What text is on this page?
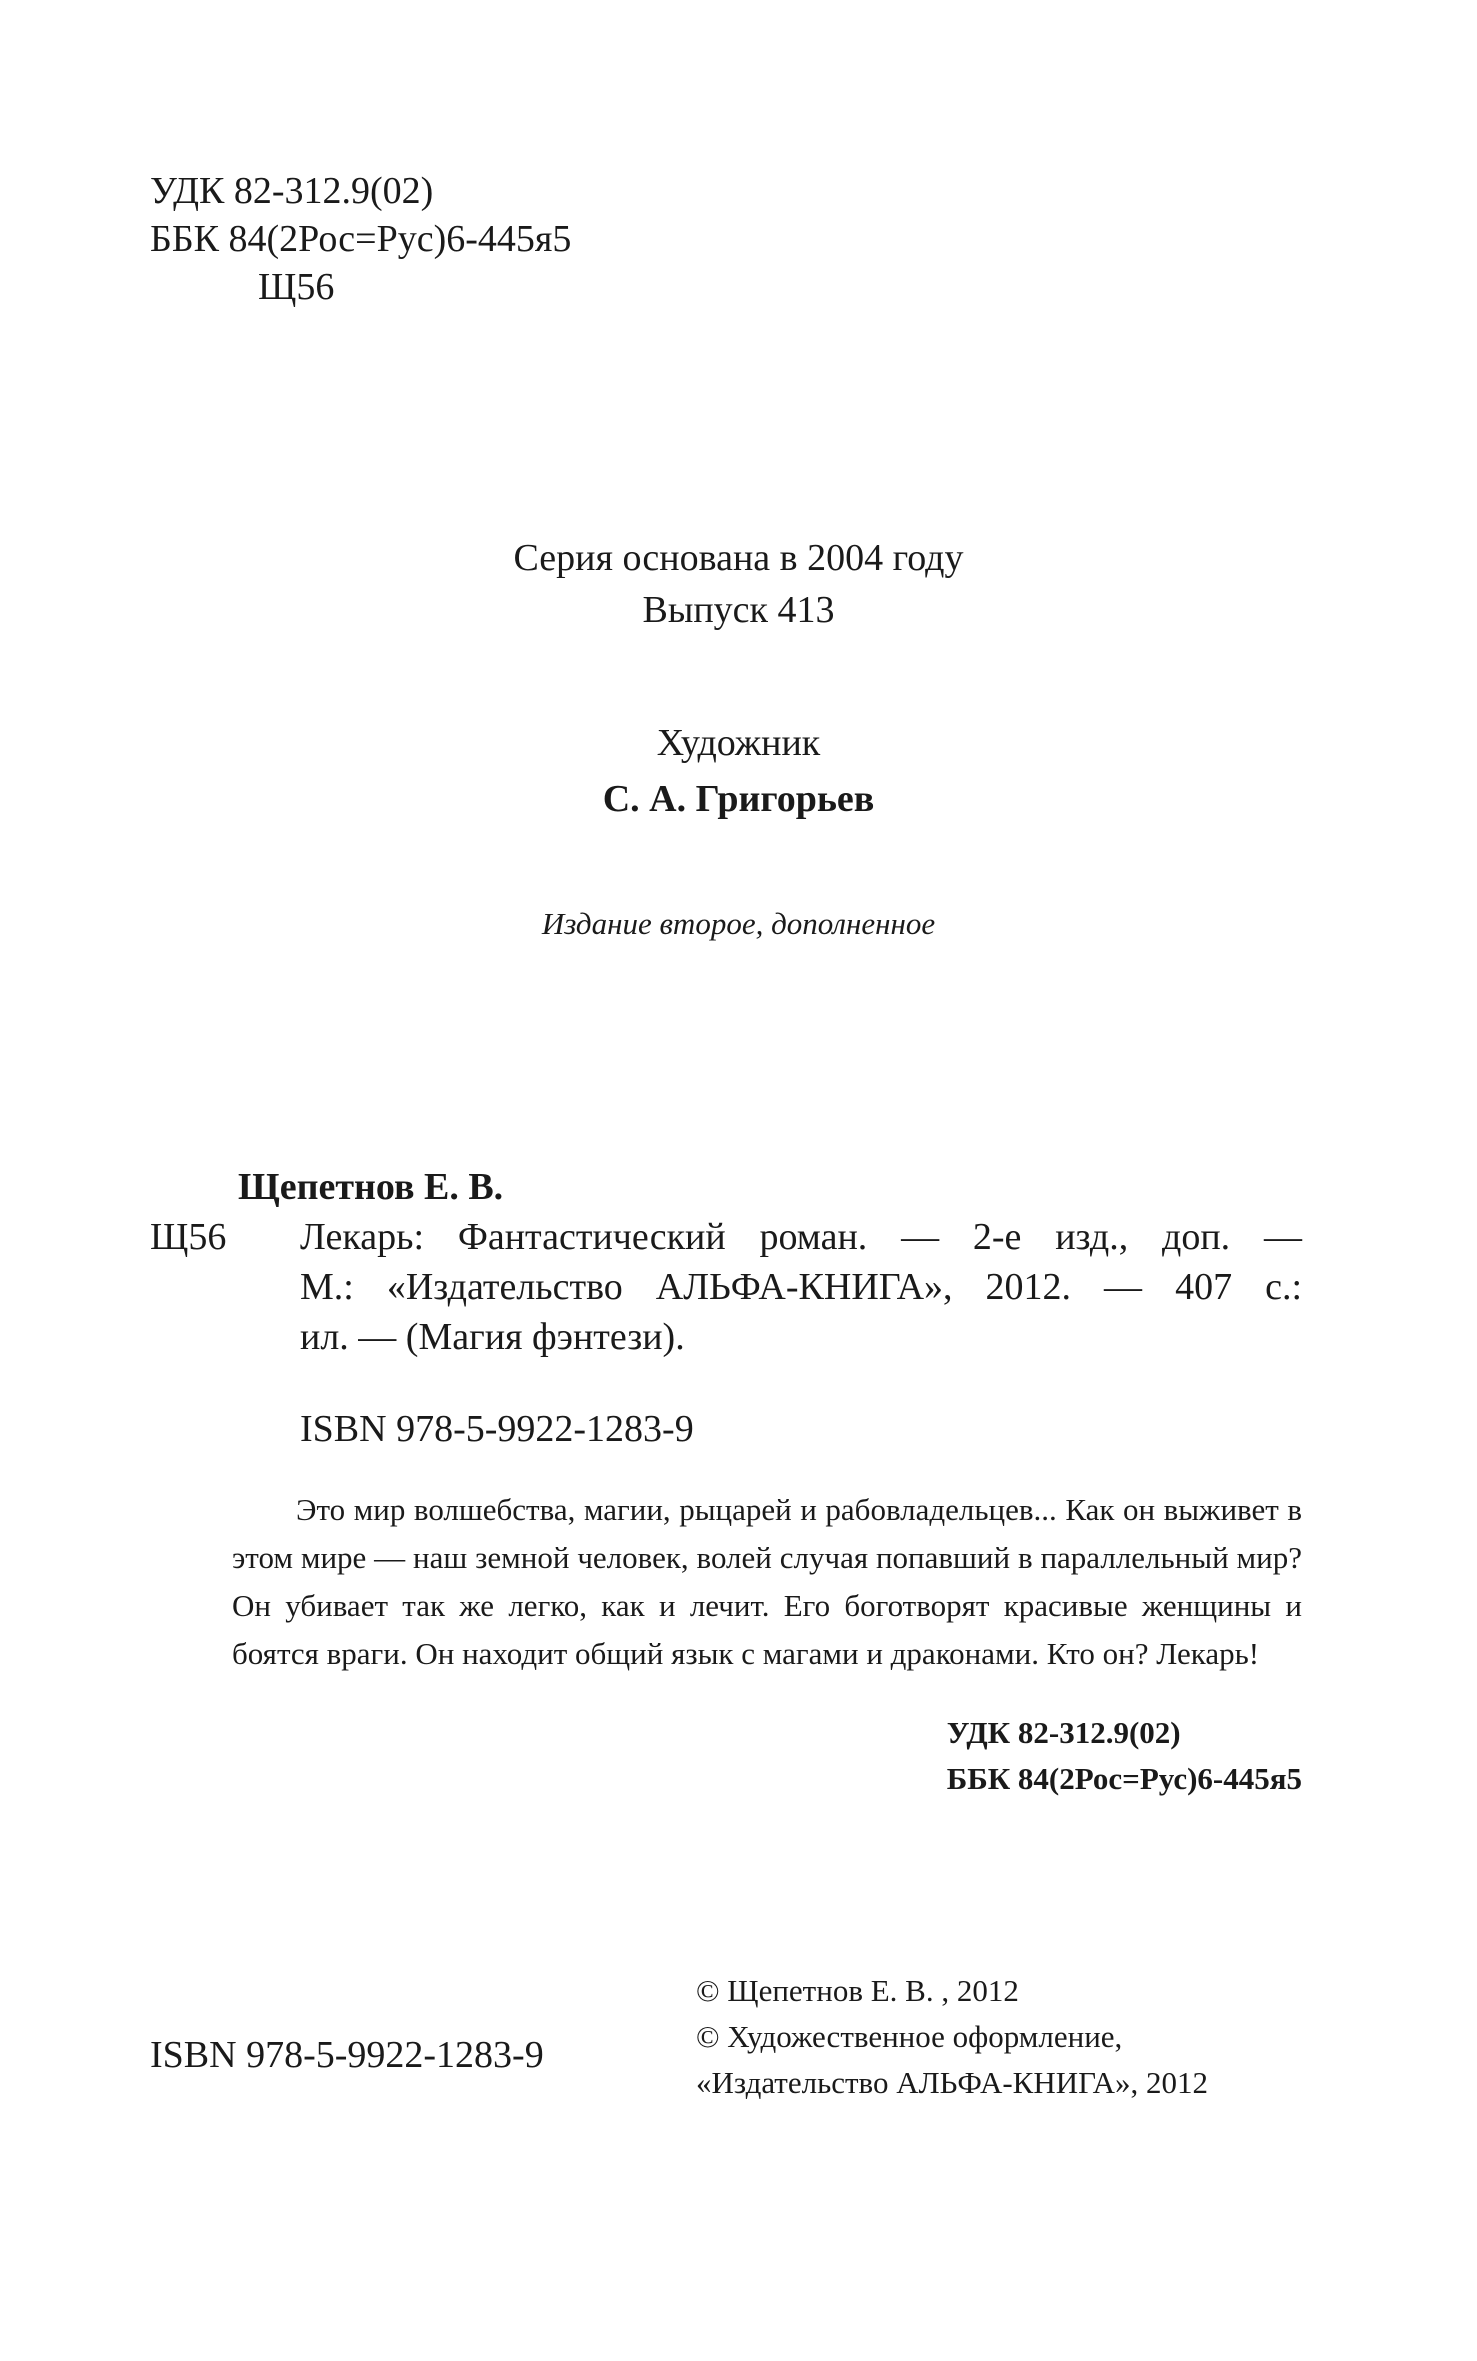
УДК 82-312.9(02)
ББК 84(2Рос=Рус)6-445я5
Щ56
Серия основана в 2004 году
Выпуск 413
Художник
С. А. Григорьев
Издание второе, дополненное
Щепетнов Е. В.
Щ56	Лекарь: Фантастический роман. — 2-е изд., доп. —
М.: «Издательство АЛЬФА-КНИГА», 2012. — 407 с.:
ил. — (Магия фэнтези).
ISBN 978-5-9922-1283-9
Это мир волшебства, магии, рыцарей и рабовладельцев... Как он выживет в этом мире — наш земной человек, волей случая попавший в параллельный мир? Он убивает так же легко, как и лечит. Его боготворят красивые женщины и боятся враги. Он находит общий язык с магами и драконами. Кто он? Лекарь!
УДК 82-312.9(02)
ББК 84(2Рос=Рус)6-445я5
© Щепетнов Е. В. , 2012
© Художественное оформление,
«Издательство АЛЬФА-КНИГА», 2012
ISBN 978-5-9922-1283-9
